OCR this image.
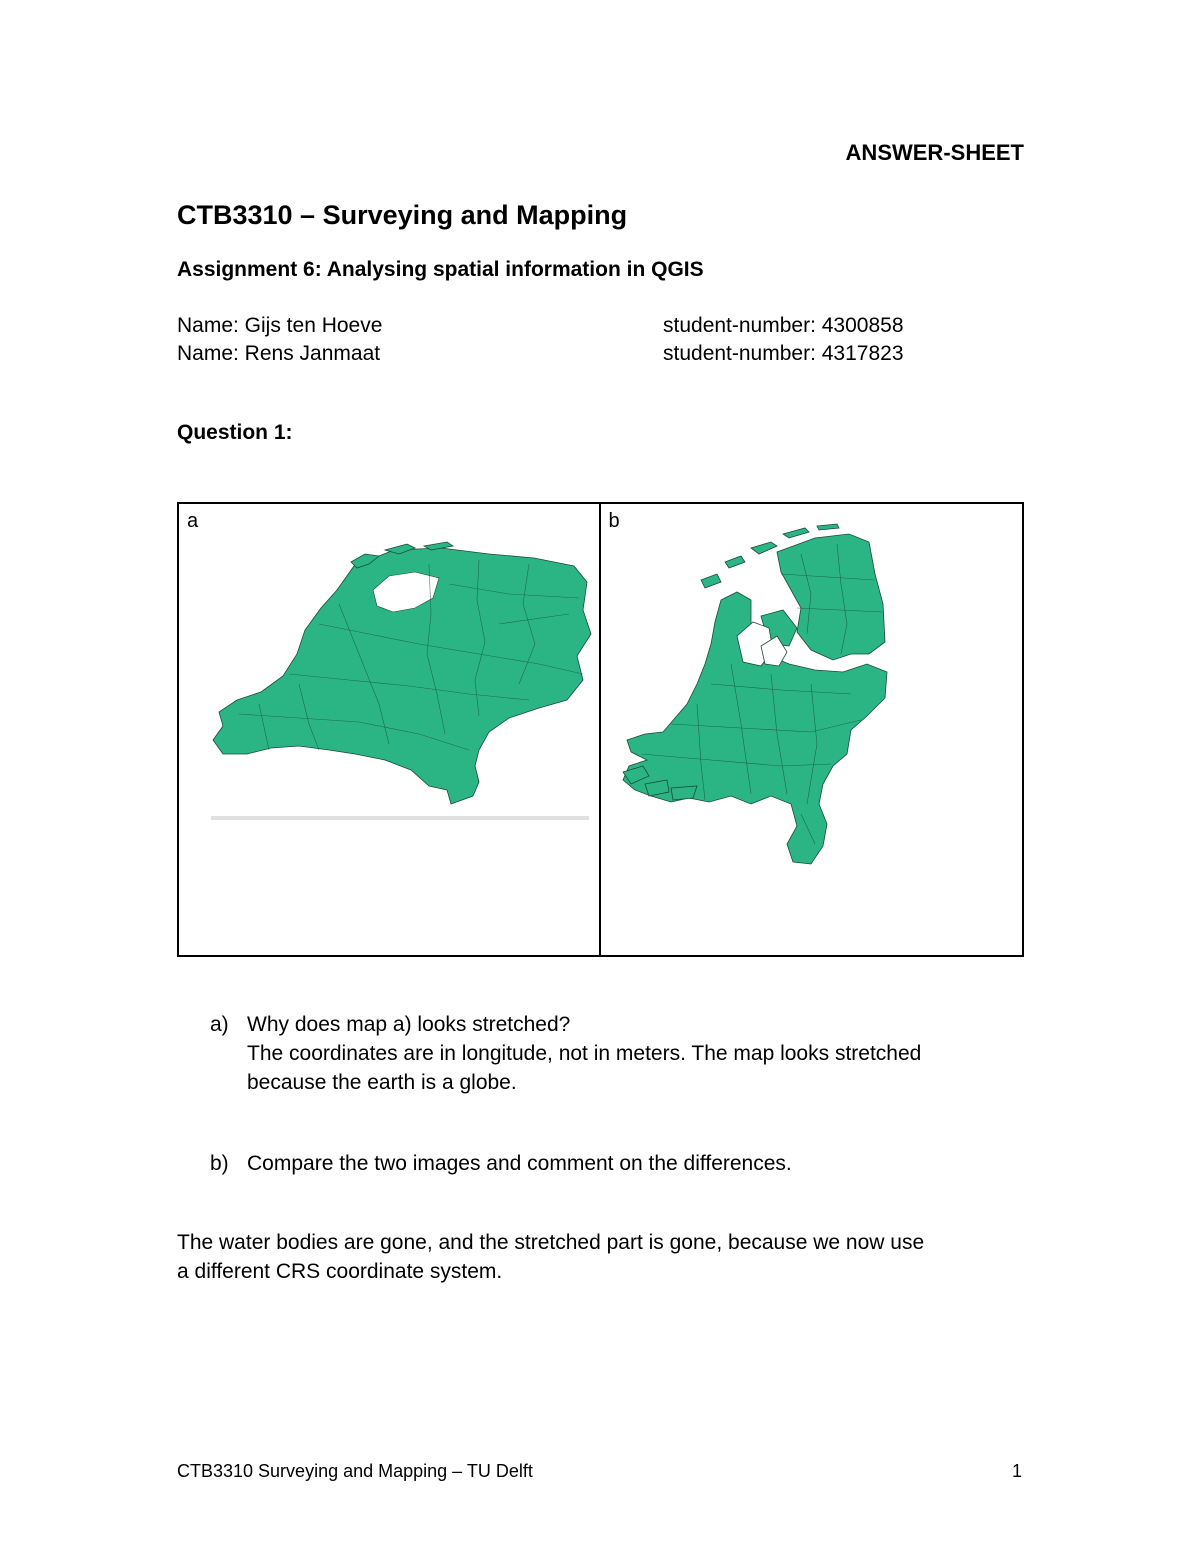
ANSWER-SHEET

CTB3310 – Surveying and Mapping
Assignment 6: Analysing spatial information in QGIS
Name: Gijs ten Hoeve	student-number: 4300858
Name: Rens Janmaat	student-number: 4317823
Question 1:
a	b
a) Why does map a) looks stretched?
The coordinates are in longitude, not in meters. The map looks stretched
because the earth is a globe.
b) Compare the two images and comment on the differences.
The water bodies are gone, and the stretched part is gone, because we now use
a different CRS coordinate system.
CTB3310 Surveying and Mapping – TU Delft	1
